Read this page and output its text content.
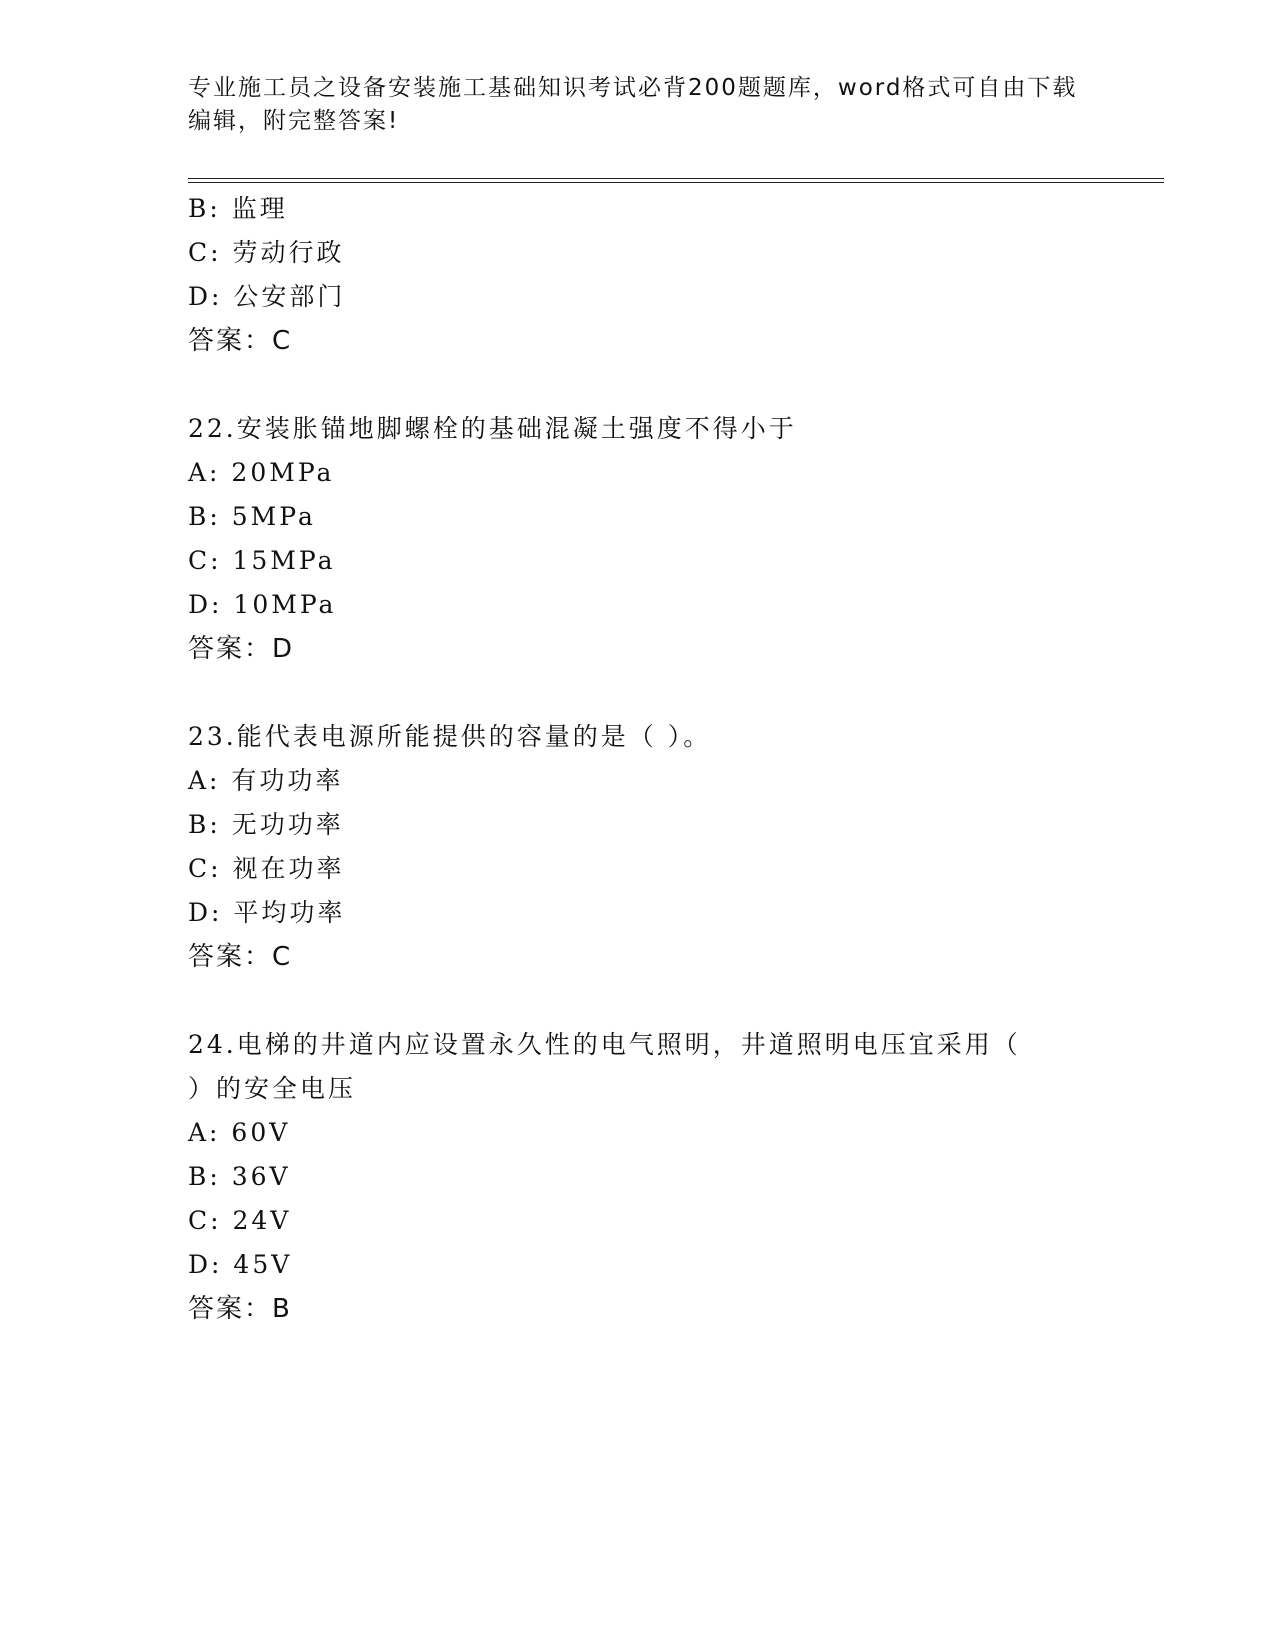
专业施工员之设备安装施工基础知识考试必背200题题库，word格式可自由下载
编辑，附完整答案!
B: 监理
C: 劳动行政
D: 公安部门
答案：C
22.安装胀锚地脚螺栓的基础混凝土强度不得小于
A: 20MPa
B: 5MPa
C: 15MPa
D: 10MPa
答案：D
23.能代表电源所能提供的容量的是（ ）。
A: 有功功率
B: 无功功率
C: 视在功率
D: 平均功率
答案：C
24.电梯的井道内应设置永久性的电气照明，井道照明电压宜采用（
）的安全电压
A: 60V
B: 36V
C: 24V
D: 45V
答案：B
